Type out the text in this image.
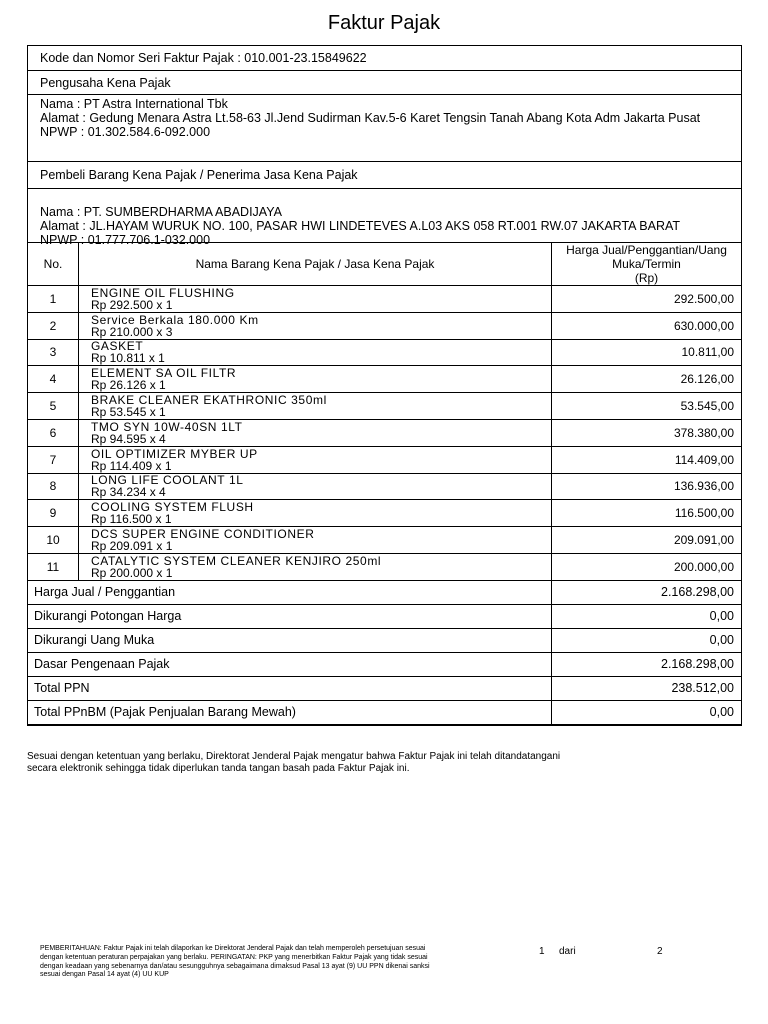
Faktur Pajak
Kode dan Nomor Seri Faktur Pajak : 010.001-23.15849622
Pengusaha Kena Pajak
Nama : PT Astra International Tbk
Alamat : Gedung Menara Astra Lt.58-63 Jl.Jend Sudirman Kav.5-6 Karet Tengsin Tanah Abang Kota Adm Jakarta Pusat
NPWP : 01.302.584.6-092.000
Pembeli Barang Kena Pajak / Penerima Jasa Kena Pajak
Nama : PT. SUMBERDHARMA ABADIJAYA
Alamat : JL.HAYAM WURUK NO. 100, PASAR HWI LINDETEVES A.L03 AKS 058 RT.001 RW.07 JAKARTA BARAT
NPWP : 01.777.706.1-032.000
No.	Nama Barang Kena Pajak / Jasa Kena Pajak	Harga Jual/Penggantian/Uang
Muka/Termin
(Rp)

1	ENGINE OIL FLUSHING
Rp 292.500 x 1	292.500,00
2	Service Berkala 180.000 Km
Rp 210.000 x 3	630.000,00
3	GASKET
Rp 10.811 x 1	10.811,00
4	ELEMENT SA OIL FILTR
Rp 26.126 x 1	26.126,00
5	BRAKE CLEANER EKATHRONIC 350ml
Rp 53.545 x 1	53.545,00
6	TMO SYN 10W-40SN 1LT
Rp 94.595 x 4	378.380,00
7	OIL OPTIMIZER MYBER UP
Rp 114.409 x 1	114.409,00
8	LONG LIFE COOLANT 1L
Rp 34.234 x 4	136.936,00
9	COOLING SYSTEM FLUSH
Rp 116.500 x 1	116.500,00
10	DCS SUPER ENGINE CONDITIONER
Rp 209.091 x 1	209.091,00
11	CATALYTIC SYSTEM CLEANER KENJIRO 250ml
Rp 200.000 x 1	200.000,00
Harga Jual / Penggantian		2.168.298,00
Dikurangi Potongan Harga		0,00
Dikurangi Uang Muka		0,00
Dasar Pengenaan Pajak		2.168.298,00
Total PPN		238.512,00
Total PPnBM (Pajak Penjualan Barang Mewah)		0,00
Sesuai dengan ketentuan yang berlaku, Direktorat Jenderal Pajak mengatur bahwa Faktur Pajak ini telah ditandatangani
secara elektronik sehingga tidak diperlukan tanda tangan basah pada Faktur Pajak ini.
PEMBERITAHUAN: Faktur Pajak ini telah dilaporkan ke Direktorat Jenderal Pajak dan telah memperoleh persetujuan sesuai
dengan ketentuan peraturan perpajakan yang berlaku. PERINGATAN: PKP yang menerbitkan Faktur Pajak yang tidak sesuai
dengan keadaan yang sebenarnya dan/atau sesungguhnya sebagaimana dimaksud Pasal 13 ayat (9) UU PPN dikenai sanksi
sesuai dengan Pasal 14 ayat (4) UU KUP
1 dari	2
